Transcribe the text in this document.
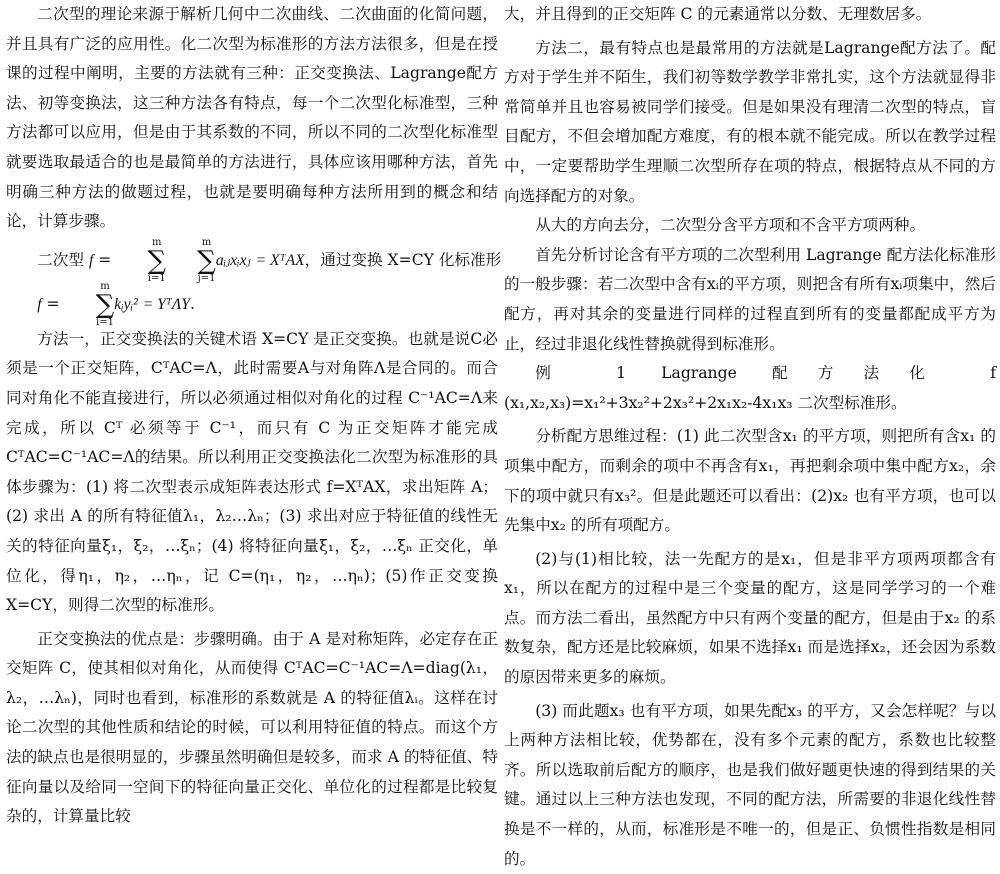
二次型的理论来源于解析几何中二次曲线、二次曲面的化简问题，并且具有广泛的应用性。化二次型为标准形的方法方法很多，但是在授课的过程中阐明，主要的方法就有三种：正交变换法、Lagrange配方法、初等变换法，这三种方法各有特点，每一个二次型化标准型，三种方法都可以应用，但是由于其系数的不同，所以不同的二次型化标准型就要选取最适合的也是最简单的方法进行，具体应该用哪种方法，首先明确三种方法的做题过程，也就是要明确每种方法所用到的概念和结论，计算步骤。

二次型 f =
m
∑
i=1
m
∑
j=1
aᵢⱼxᵢxⱼ = XᵀAX，通过变换 X=CY 化标准形

f =
m
∑
i=1
kᵢyᵢ² = YᵀΛY.

方法一，正交变换法的关键术语 X=CY 是正交变换。也就是说C必须是一个正交矩阵，CᵀAC=Λ，此时需要A与对角阵Λ是合同的。而合同对角化不能直接进行，所以必须通过相似对角化的过程 C⁻¹AC=Λ来完成，所以 Cᵀ 必须等于 C⁻¹，而只有 C 为正交矩阵才能完成 CᵀAC=C⁻¹AC=Λ的结果。所以利用正交变换法化二次型为标准形的具体步骤为：(1) 将二次型表示成矩阵表达形式 f=XᵀAX，求出矩阵 A；(2) 求出 A 的所有特征值λ₁，λ₂…λₙ；(3) 求出对应于特征值的线性无关的特征向量ξ₁，ξ₂，…ξₙ；(4) 将特征向量ξ₁，ξ₂，…ξₙ 正交化，单位化，得η₁，η₂，…ηₙ，记 C=(η₁，η₂，…ηₙ)；(5)作正交变换 X=CY，则得二次型的标准形。

正交变换法的优点是：步骤明确。由于 A 是对称矩阵，必定存在正交矩阵 C，使其相似对角化，从而使得 CᵀAC=C⁻¹AC=Λ=diag(λ₁，λ₂，…λₙ)，同时也看到，标准形的系数就是 A 的特征值λᵢ。这样在讨论二次型的其他性质和结论的时候，可以利用特征值的特点。而这个方法的缺点也是很明显的，步骤虽然明确但是较多，而求 A 的特征值、特征向量以及给同一空间下的特征向量正交化、单位化的过程都是比较复杂的，计算量比较

大，并且得到的正交矩阵 C 的元素通常以分数、无理数居多。

方法二，最有特点也是最常用的方法就是Lagrange配方法了。配方对于学生并不陌生，我们初等数学教学非常扎实，这个方法就显得非常简单并且也容易被同学们接受。但是如果没有理清二次型的特点，盲目配方，不但会增加配方难度，有的根本就不能完成。所以在教学过程中，一定要帮助学生理顺二次型所存在项的特点，根据特点从不同的方向选择配方的对象。

从大的方向去分，二次型分含平方项和不含平方项两种。

首先分析讨论含有平方项的二次型利用 Lagrange 配方法化标准形的一般步骤：若二次型中含有xᵢ的平方项，则把含有所有xᵢ项集中，然后配方，再对其余的变量进行同样的过程直到所有的变量都配成平方为止，经过非退化线性替换就得到标准形。

例 1 Lagrange 配方法化 f (x₁,x₂,x₃)=x₁²+3x₂²+2x₃²+2x₁x₂-4x₁x₃ 二次型标准形。

分析配方思维过程：(1) 此二次型含x₁ 的平方项，则把所有含x₁ 的项集中配方，而剩余的项中不再含有x₁，再把剩余项中集中配方x₂，余下的项中就只有x₃²。但是此题还可以看出：(2)x₂ 也有平方项，也可以先集中x₂ 的所有项配方。

(2)与(1)相比较，法一先配方的是x₁，但是非平方项两项都含有x₁，所以在配方的过程中是三个变量的配方，这是同学学习的一个难点。而方法二看出，虽然配方中只有两个变量的配方，但是由于x₂ 的系数复杂，配方还是比较麻烦，如果不选择x₁ 而是选择x₂，还会因为系数的原因带来更多的麻烦。

(3) 而此题x₃ 也有平方项，如果先配x₃ 的平方，又会怎样呢？与以上两种方法相比较，优势都在，没有多个元素的配方，系数也比较整齐。所以选取前后配方的顺序，也是我们做好题更快速的得到结果的关键。通过以上三种方法也发现，不同的配方法，所需要的非退化线性替换是不一样的，从而，标准形是不唯一的，但是正、负惯性指数是相同的。
